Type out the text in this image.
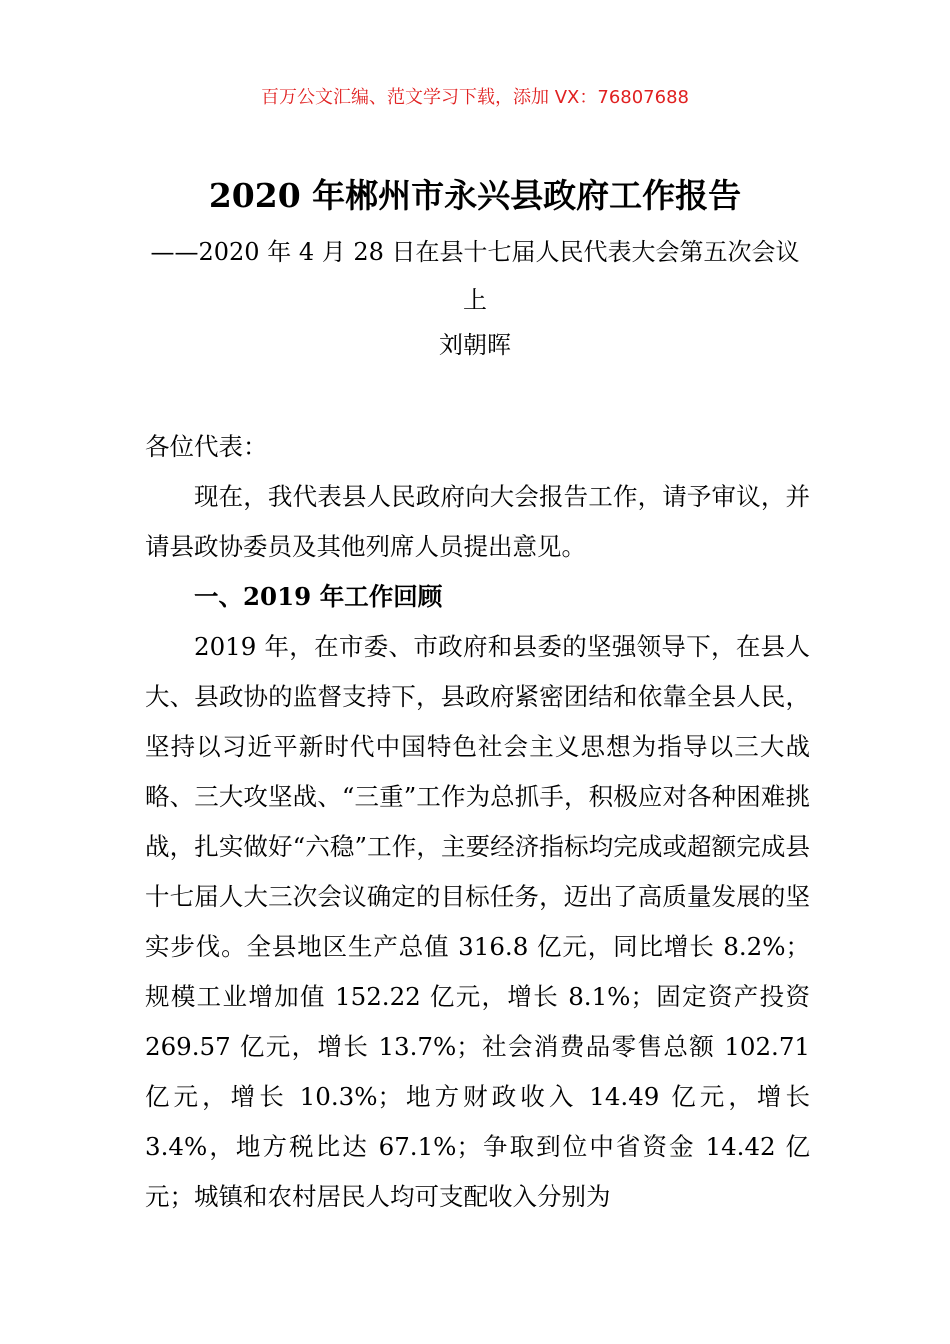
百万公文汇编、范文学习下载，添加 VX：76807688
2020 年郴州市永兴县政府工作报告
——2020 年 4 月 28 日在县十七届人民代表大会第五次会议上
刘朝晖

各位代表：

现在，我代表县人民政府向大会报告工作，请予审议，并请县政协委员及其他列席人员提出意见。

一、2019 年工作回顾

2019 年，在市委、市政府和县委的坚强领导下，在县人大、县政协的监督支持下，县政府紧密团结和依靠全县人民，坚持以习近平新时代中国特色社会主义思想为指导以三大战略、三大攻坚战、“三重”工作为总抓手，积极应对各种困难挑战，扎实做好“六稳”工作，主要经济指标均完成或超额完成县十七届人大三次会议确定的目标任务，迈出了高质量发展的坚实步伐。全县地区生产总值 316.8 亿元，同比增长 8.2%；规模工业增加值 152.22 亿元，增长 8.1%；固定资产投资 269.57 亿元，增长 13.7%；社会消费品零售总额 102.71 亿元，增长 10.3%；地方财政收入 14.49 亿元，增长 3.4%，地方税比达 67.1%；争取到位中省资金 14.42 亿元；城镇和农村居民人均可支配收入分别为
